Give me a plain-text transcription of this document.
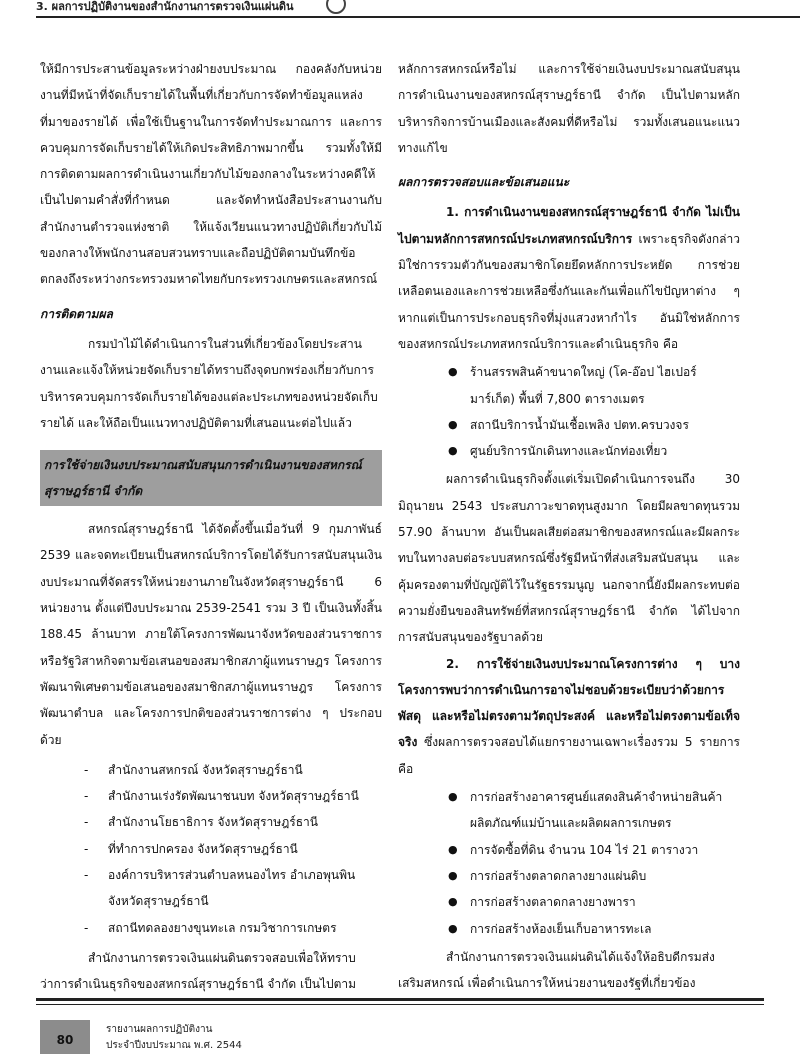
3. ผลการปฏิบัติงานของสำนักงานการตรวจเงินแผ่นดิน

ให้มีการประสานข้อมูลระหว่างฝ่ายงบประมาณ กองคลังกับหน่วยงานที่มีหน้าที่จัดเก็บรายได้ในพื้นที่เกี่ยวกับการจัดทำข้อมูลแหล่งที่มาของรายได้ เพื่อใช้เป็นฐานในการจัดทำประมาณการ และการควบคุมการจัดเก็บรายได้ให้เกิดประสิทธิภาพมากขึ้น รวมทั้งให้มีการติดตามผลการดำเนินงานเกี่ยวกับไม้ของกลางในระหว่างคดีให้เป็นไปตามคำสั่งที่กำหนด และจัดทำหนังสือประสานงานกับสำนักงานตำรวจแห่งชาติ ให้แจ้งเวียนแนวทางปฏิบัติเกี่ยวกับไม้ของกลางให้พนักงานสอบสวนทราบและถือปฏิบัติตามบันทึกข้อตกลงถึงระหว่างกระทรวงมหาดไทยกับกระทรวงเกษตรและสหกรณ์

การติดตามผล

กรมป่าไม้ได้ดำเนินการในส่วนที่เกี่ยวข้องโดยประสานงานและแจ้งให้หน่วยจัดเก็บรายได้ทราบถึงจุดบกพร่องเกี่ยวกับการบริหารควบคุมการจัดเก็บรายได้ของแต่ละประเภทของหน่วยจัดเก็บรายได้ และให้ถือเป็นแนวทางปฏิบัติตามที่เสนอแนะต่อไปแล้ว

การใช้จ่ายเงินงบประมาณสนับสนุนการดำเนินงานของสหกรณ์สุราษฎร์ธานี จำกัด

สหกรณ์สุราษฎร์ธานี ได้จัดตั้งขึ้นเมื่อวันที่ 9 กุมภาพันธ์ 2539 และจดทะเบียนเป็นสหกรณ์บริการโดยได้รับการสนับสนุนเงินงบประมาณที่จัดสรรให้หน่วยงานภายในจังหวัดสุราษฎร์ธานี 6 หน่วยงาน ตั้งแต่ปีงบประมาณ 2539-2541 รวม 3 ปี เป็นเงินทั้งสิ้น 188.45 ล้านบาท ภายใต้โครงการพัฒนาจังหวัดของส่วนราชการหรือรัฐวิสาหกิจตามข้อเสนอของสมาชิกสภาผู้แทนราษฎร โครงการพัฒนาพิเศษตามข้อเสนอของสมาชิกสภาผู้แทนราษฎร โครงการพัฒนาตำบล และโครงการปกติของส่วนราชการต่าง ๆ ประกอบด้วย

- สำนักงานสหกรณ์ จังหวัดสุราษฎร์ธานี
- สำนักงานเร่งรัดพัฒนาชนบท จังหวัดสุราษฎร์ธานี
- สำนักงานโยธาธิการ จังหวัดสุราษฎร์ธานี
- ที่ทำการปกครอง จังหวัดสุราษฎร์ธานี
- องค์การบริหารส่วนตำบลหนองไทร อำเภอพุนพิน จังหวัดสุราษฎร์ธานี
- สถานีทดลองยางขุนทะเล กรมวิชาการเกษตร

สำนักงานการตรวจเงินแผ่นดินตรวจสอบเพื่อให้ทราบว่าการดำเนินธุรกิจของสหกรณ์สุราษฎร์ธานี จำกัด เป็นไปตาม

หลักการสหกรณ์หรือไม่ และการใช้จ่ายเงินงบประมาณสนับสนุนการดำเนินงานของสหกรณ์สุราษฎร์ธานี จำกัด เป็นไปตามหลักบริหารกิจการบ้านเมืองและสังคมที่ดีหรือไม่ รวมทั้งเสนอแนะแนวทางแก้ไข

ผลการตรวจสอบและข้อเสนอแนะ

1. การดำเนินงานของสหกรณ์สุราษฎร์ธานี จำกัด ไม่เป็นไปตามหลักการสหกรณ์ประเภทสหกรณ์บริการ เพราะธุรกิจดังกล่าวมิใช่การรวมตัวกันของสมาชิกโดยยึดหลักการประหยัด การช่วยเหลือตนเองและการช่วยเหลือซึ่งกันและกันเพื่อแก้ไขปัญหาต่าง ๆ หากแต่เป็นการประกอบธุรกิจที่มุ่งแสวงหากำไร อันมิใช่หลักการของสหกรณ์ประเภทสหกรณ์บริการและดำเนินธุรกิจ คือ

● ร้านสรรพสินค้าขนาดใหญ่ (โค-อ๊อป ไฮเปอร์มาร์เก็ต) พื้นที่ 7,800 ตารางเมตร
● สถานีบริการน้ำมันเชื้อเพลิง ปตท.ครบวงจร
● ศูนย์บริการนักเดินทางและนักท่องเที่ยว

ผลการดำเนินธุรกิจตั้งแต่เริ่มเปิดดำเนินการจนถึง 30 มิถุนายน 2543 ประสบภาวะขาดทุนสูงมาก โดยมีผลขาดทุนรวม 57.90 ล้านบาท อันเป็นผลเสียต่อสมาชิกของสหกรณ์และมีผลกระทบในทางลบต่อระบบสหกรณ์ซึ่งรัฐมีหน้าที่ส่งเสริมสนับสนุน และคุ้มครองตามที่บัญญัติไว้ในรัฐธรรมนูญ นอกจากนี้ยังมีผลกระทบต่อความยั่งยืนของสินทรัพย์ที่สหกรณ์สุราษฎร์ธานี จำกัด ได้ไปจากการสนับสนุนของรัฐบาลด้วย

2. การใช้จ่ายเงินงบประมาณโครงการต่าง ๆ บางโครงการพบว่าการดำเนินการอาจไม่ชอบด้วยระเบียบว่าด้วยการพัสดุ และหรือไม่ตรงตามวัตถุประสงค์ และหรือไม่ตรงตามข้อเท็จจริง ซึ่งผลการตรวจสอบได้แยกรายงานเฉพาะเรื่องรวม 5 รายการ คือ

● การก่อสร้างอาคารศูนย์แสดงสินค้าจำหน่ายสินค้าผลิตภัณฑ์แม่บ้านและผลิตผลการเกษตร
● การจัดซื้อที่ดิน จำนวน 104 ไร่ 21 ตารางวา
● การก่อสร้างตลาดกลางยางแผ่นดิบ
● การก่อสร้างตลาดกลางยางพารา
● การก่อสร้างห้องเย็นเก็บอาหารทะเล

สำนักงานการตรวจเงินแผ่นดินได้แจ้งให้อธิบดีกรมส่งเสริมสหกรณ์ เพื่อดำเนินการให้หน่วยงานของรัฐที่เกี่ยวข้อง

80
รายงานผลการปฏิบัติงาน
ประจำปีงบประมาณ พ.ศ. 2544
